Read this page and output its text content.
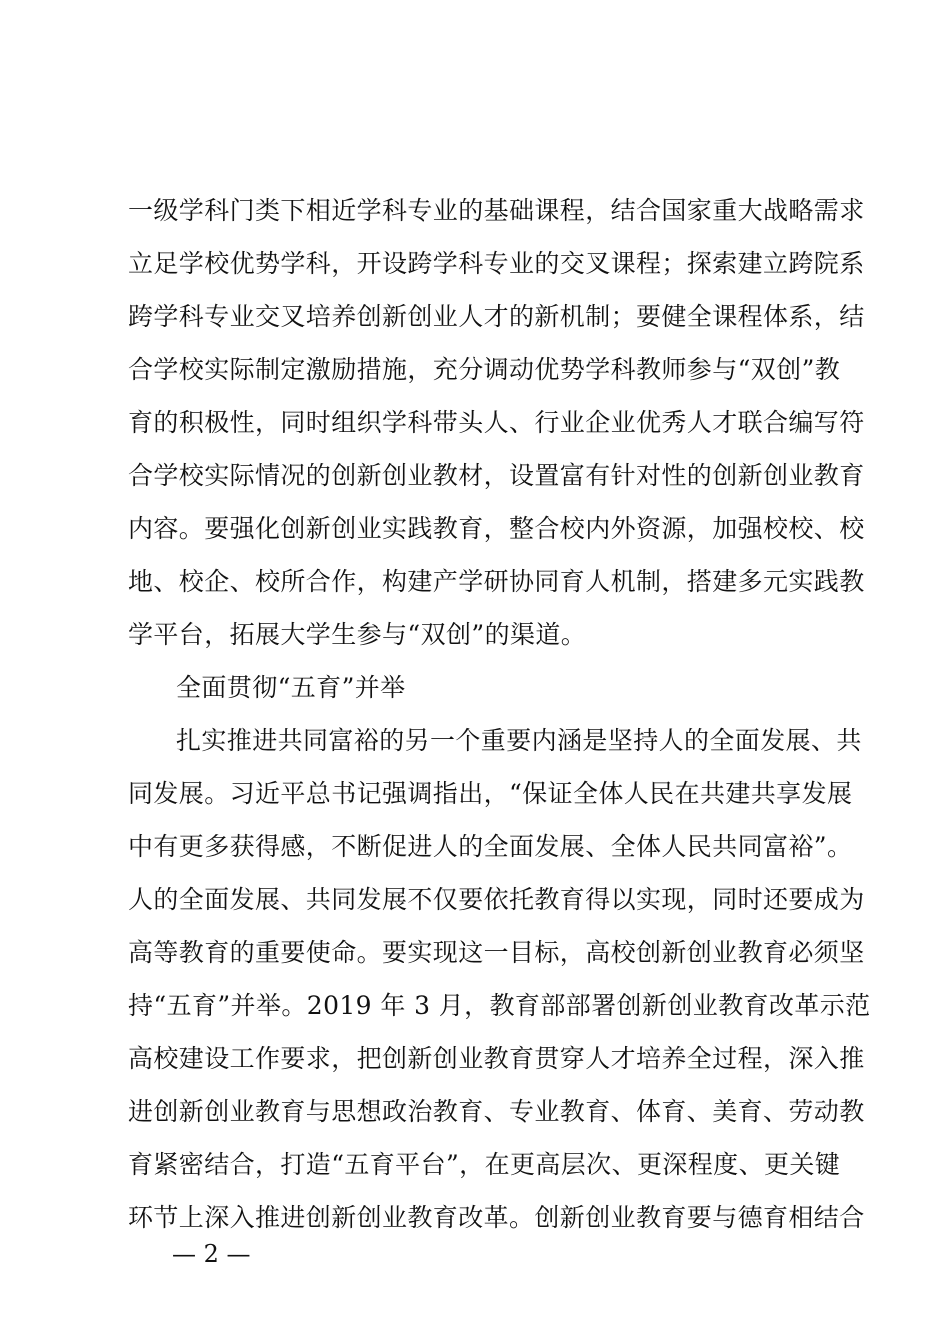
一级学科门类下相近学科专业的基础课程，结合国家重大战略需求
立足学校优势学科，开设跨学科专业的交叉课程；探索建立跨院系
跨学科专业交叉培养创新创业人才的新机制；要健全课程体系，结
合学校实际制定激励措施，充分调动优势学科教师参与“双创”教
育的积极性，同时组织学科带头人、行业企业优秀人才联合编写符
合学校实际情况的创新创业教材，设置富有针对性的创新创业教育
内容。要强化创新创业实践教育，整合校内外资源，加强校校、校
地、校企、校所合作，构建产学研协同育人机制，搭建多元实践教
学平台，拓展大学生参与“双创”的渠道。
全面贯彻“五育”并举
扎实推进共同富裕的另一个重要内涵是坚持人的全面发展、共
同发展。习近平总书记强调指出，“保证全体人民在共建共享发展
中有更多获得感，不断促进人的全面发展、全体人民共同富裕”。
人的全面发展、共同发展不仅要依托教育得以实现，同时还要成为
高等教育的重要使命。要实现这一目标，高校创新创业教育必须坚
持“五育”并举。2019 年 3 月，教育部部署创新创业教育改革示范
高校建设工作要求，把创新创业教育贯穿人才培养全过程，深入推
进创新创业教育与思想政治教育、专业教育、体育、美育、劳动教
育紧密结合，打造“五育平台”，在更高层次、更深程度、更关键
环节上深入推进创新创业教育改革。创新创业教育要与德育相结合
— 2 —
